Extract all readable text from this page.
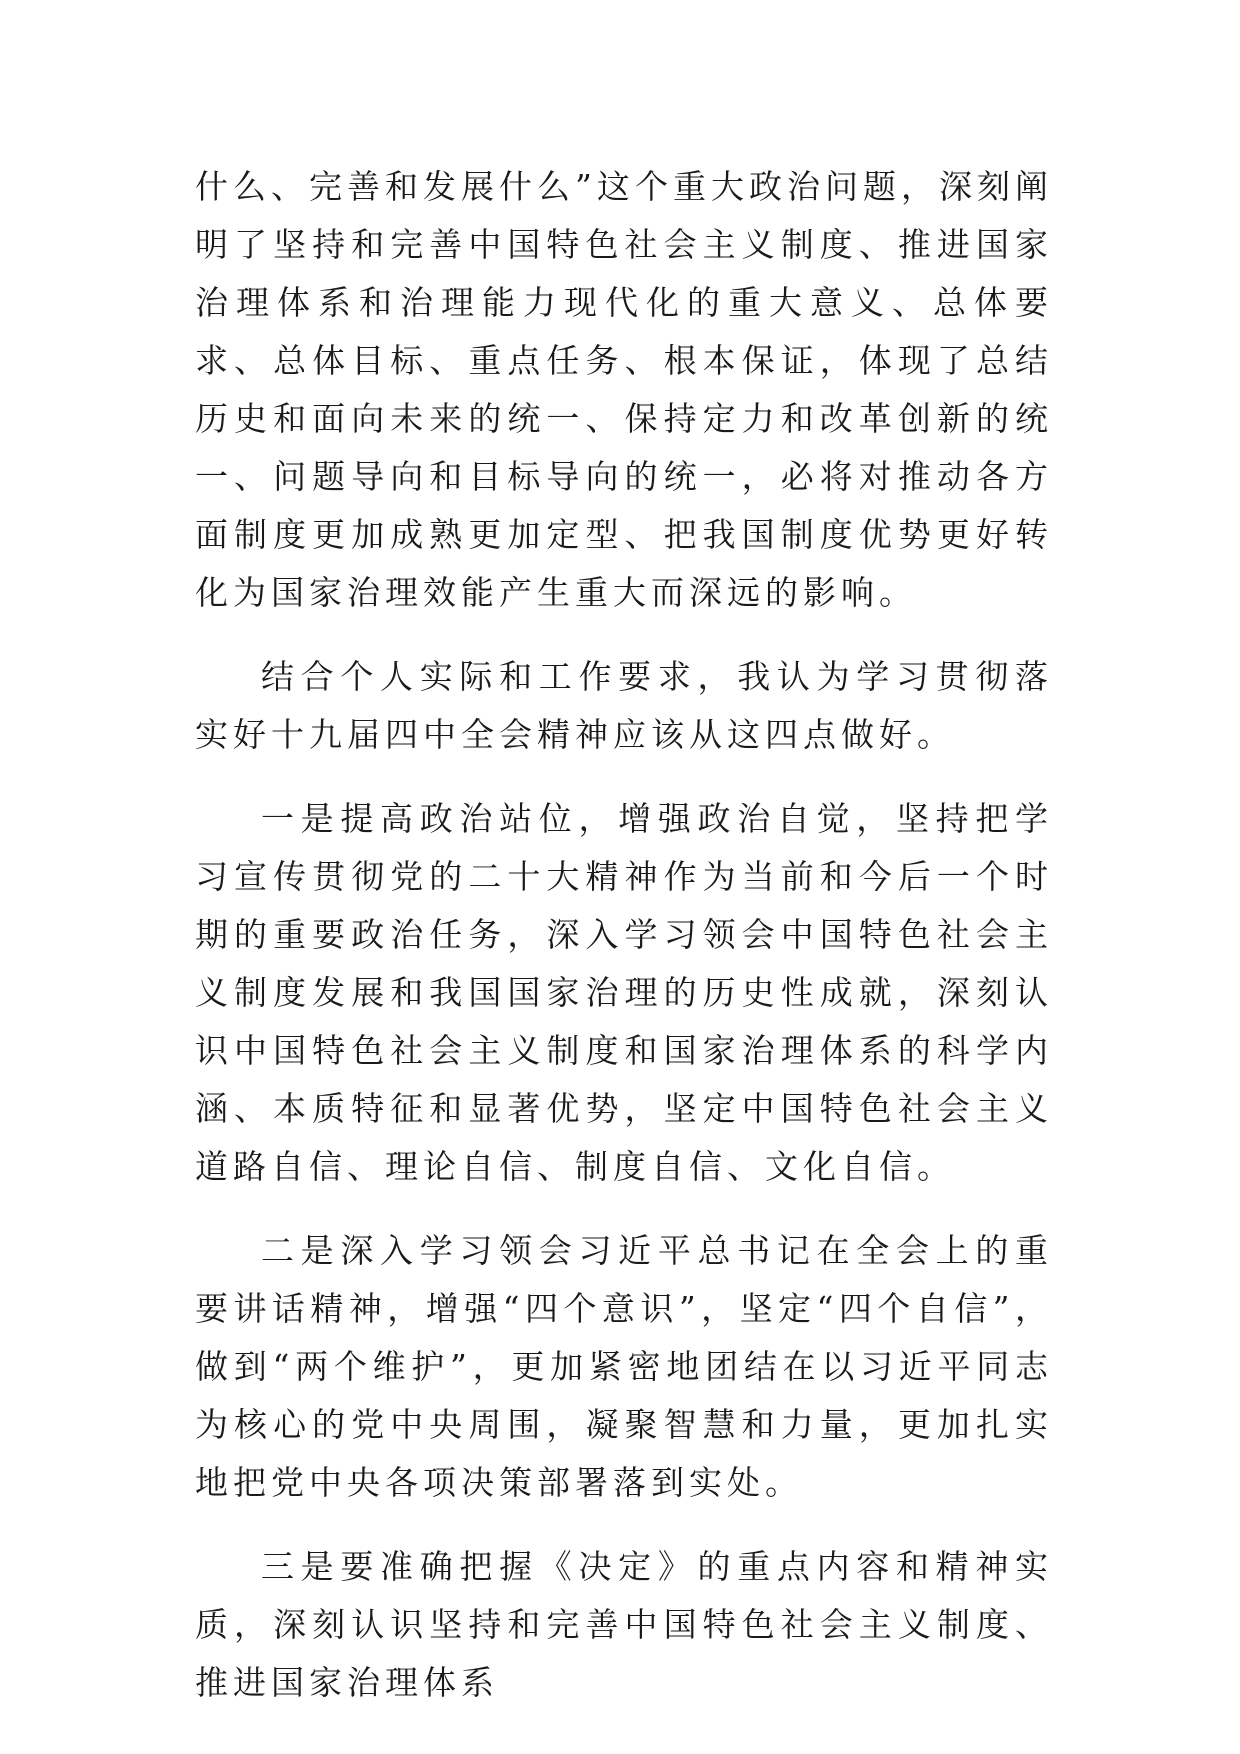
什么、完善和发展什么”这个重大政治问题，深刻阐明了坚持和完善中国特色社会主义制度、推进国家治理体系和治理能力现代化的重大意义、总体要求、总体目标、重点任务、根本保证，体现了总结历史和面向未来的统一、保持定力和改革创新的统一、问题导向和目标导向的统一，必将对推动各方面制度更加成熟更加定型、把我国制度优势更好转化为国家治理效能产生重大而深远的影响。

结合个人实际和工作要求，我认为学习贯彻落实好十九届四中全会精神应该从这四点做好。

一是提高政治站位，增强政治自觉，坚持把学习宣传贯彻党的二十大精神作为当前和今后一个时期的重要政治任务，深入学习领会中国特色社会主义制度发展和我国国家治理的历史性成就，深刻认识中国特色社会主义制度和国家治理体系的科学内涵、本质特征和显著优势，坚定中国特色社会主义道路自信、理论自信、制度自信、文化自信。

二是深入学习领会习近平总书记在全会上的重要讲话精神，增强“四个意识”，坚定“四个自信”，做到“两个维护”，更加紧密地团结在以习近平同志为核心的党中央周围，凝聚智慧和力量，更加扎实地把党中央各项决策部署落到实处。

三是要准确把握《决定》的重点内容和精神实质，深刻认识坚持和完善中国特色社会主义制度、推进国家治理体系
